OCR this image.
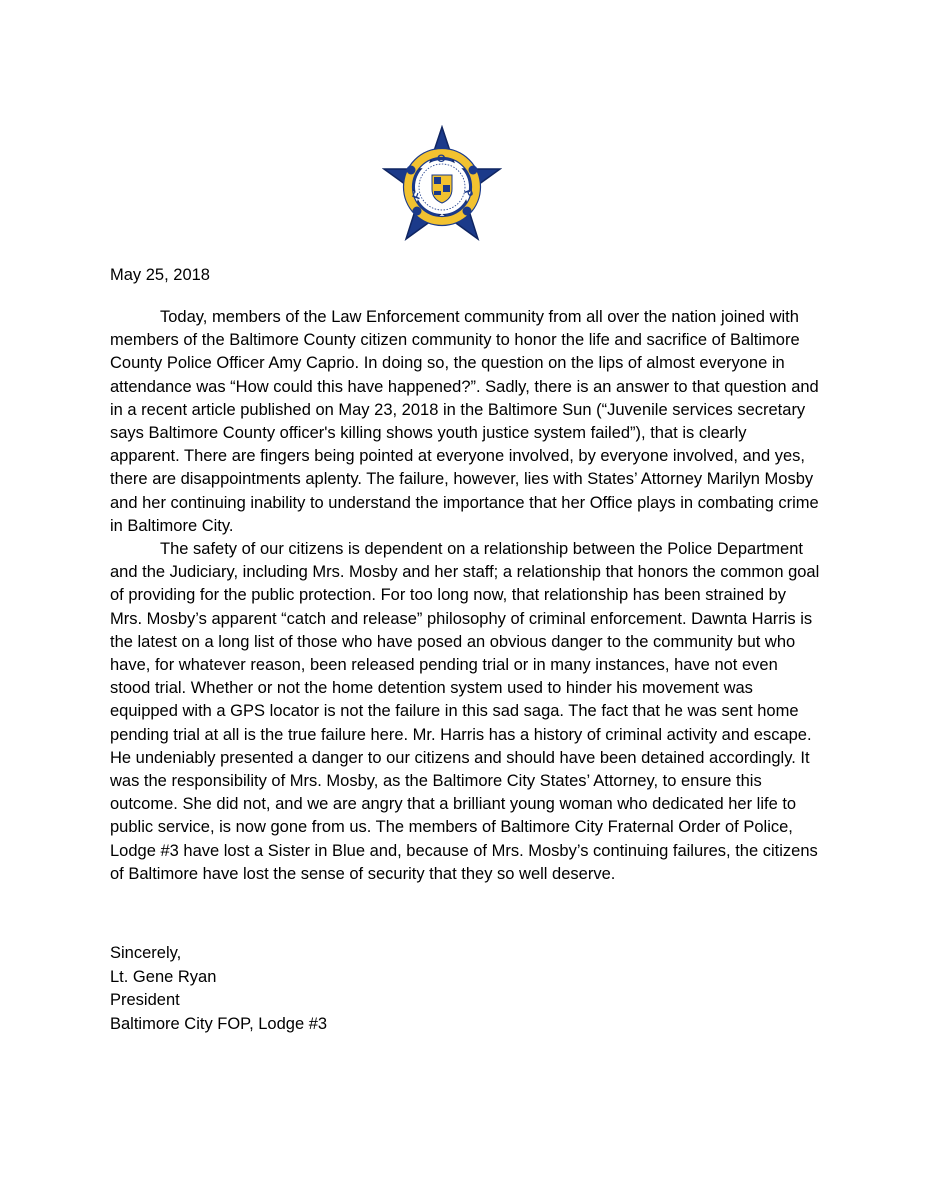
F
O
P
May 25, 2018

Today, members of the Law Enforcement community from all over the nation joined with members of the Baltimore County citizen community to honor the life and sacrifice of Baltimore County Police Officer Amy Caprio. In doing so, the question on the lips of almost everyone in attendance was “How could this have happened?”. Sadly, there is an answer to that question and in a recent article published on May 23, 2018 in the Baltimore Sun (“Juvenile services secretary says Baltimore County officer's killing shows youth justice system failed”), that is clearly apparent. There are fingers being pointed at everyone involved, by everyone involved, and yes, there are disappointments aplenty. The failure, however, lies with States’ Attorney Marilyn Mosby and her continuing inability to understand the importance that her Office plays in combating crime in Baltimore City.

The safety of our citizens is dependent on a relationship between the Police Department and the Judiciary, including Mrs. Mosby and her staff; a relationship that honors the common goal of providing for the public protection. For too long now, that relationship has been strained by Mrs. Mosby’s apparent “catch and release” philosophy of criminal enforcement. Dawnta Harris is the latest on a long list of those who have posed an obvious danger to the community but who have, for whatever reason, been released pending trial or in many instances, have not even stood trial. Whether or not the home detention system used to hinder his movement was equipped with a GPS locator is not the failure in this sad saga. The fact that he was sent home pending trial at all is the true failure here. Mr. Harris has a history of criminal activity and escape. He undeniably presented a danger to our citizens and should have been detained accordingly. It was the responsibility of Mrs. Mosby, as the Baltimore City States’ Attorney, to ensure this outcome. She did not, and we are angry that a brilliant young woman who dedicated her life to public service, is now gone from us. The members of Baltimore City Fraternal Order of Police, Lodge #3 have lost a Sister in Blue and, because of Mrs. Mosby’s continuing failures, the citizens of Baltimore have lost the sense of security that they so well deserve.

Sincerely,
Lt. Gene Ryan
President
Baltimore City FOP, Lodge #3
